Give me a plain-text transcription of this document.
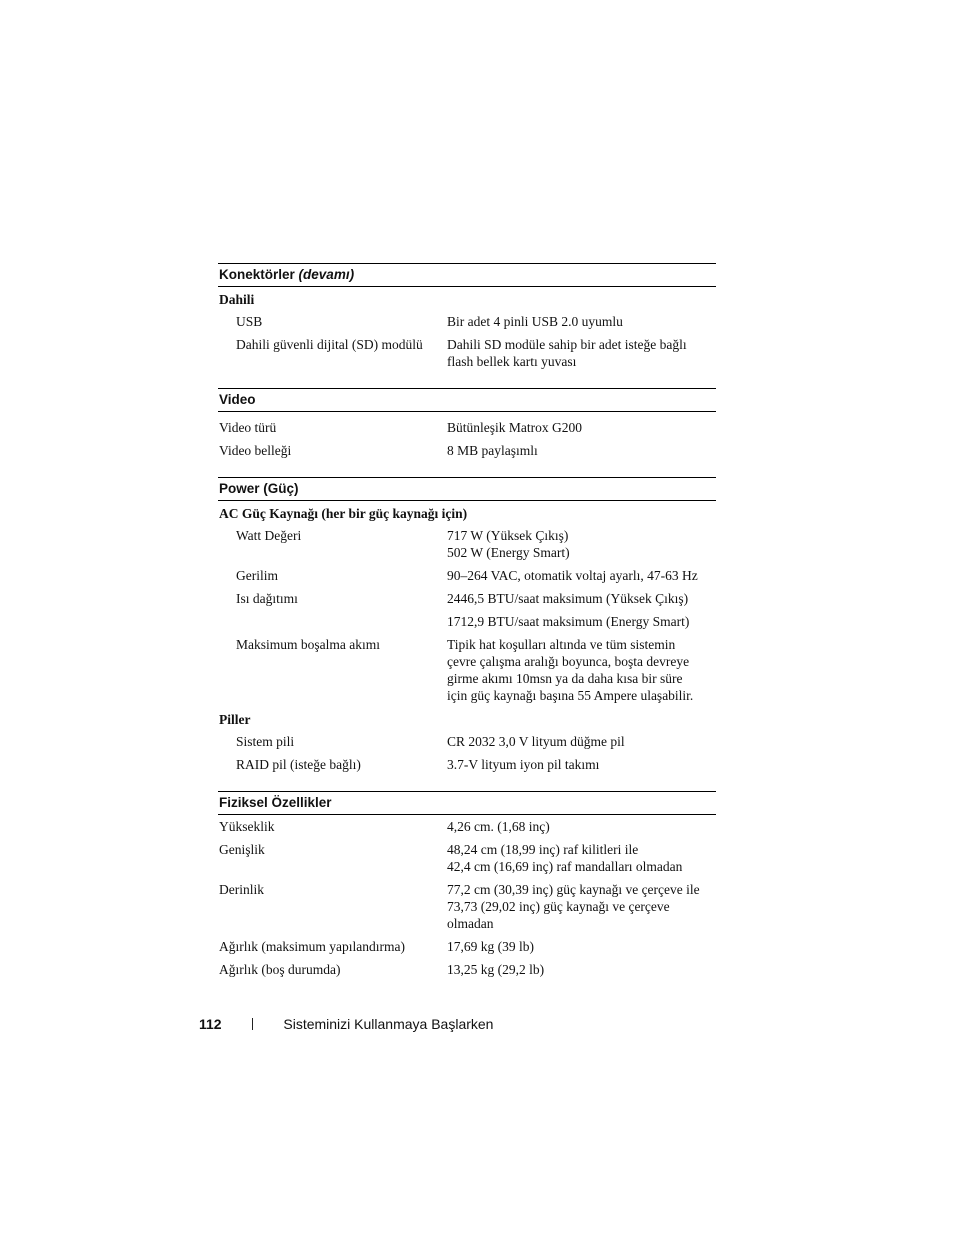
Konektörler (devamı)
Dahili
USB	Bir adet 4 pinli USB 2.0 uyumlu
Dahili güvenli dijital (SD) modülü	Dahili SD modüle sahip bir adet isteğe bağlı
flash bellek kartı yuvası
Video
Video türü	Bütünleşik Matrox G200
Video belleği	8 MB paylaşımlı
Power (Güç)
AC Güç Kaynağı (her bir güç kaynağı için)
Watt Değeri	717 W (Yüksek Çıkış)
502 W (Energy Smart)
Gerilim	90–264 VAC, otomatik voltaj ayarlı, 47-63 Hz
Isı dağıtımı	2446,5 BTU/saat maksimum (Yüksek Çıkış)
1712,9 BTU/saat maksimum (Energy Smart)
Maksimum boşalma akımı	Tipik hat koşulları altında ve tüm sistemin
çevre çalışma aralığı boyunca, boşta devreye
girme akımı 10msn ya da daha kısa bir süre
için güç kaynağı başına 55 Ampere ulaşabilir.
Piller
Sistem pili	CR 2032 3,0 V lityum düğme pil
RAID pil (isteğe bağlı)	3.7-V lityum iyon pil takımı
Fiziksel Özellikler
Yükseklik	4,26 cm. (1,68 inç)
Genişlik	48,24 cm (18,99 inç) raf kilitleri ile
42,4 cm (16,69 inç) raf mandalları olmadan
Derinlik	77,2 cm (30,39 inç) güç kaynağı ve çerçeve ile
73,73 (29,02 inç) güç kaynağı ve çerçeve
olmadan
Ağırlık (maksimum yapılandırma)	17,69 kg (39 lb)
Ağırlık (boş durumda)	13,25 kg (29,2 lb)
112	Sisteminizi Kullanmaya Başlarken
